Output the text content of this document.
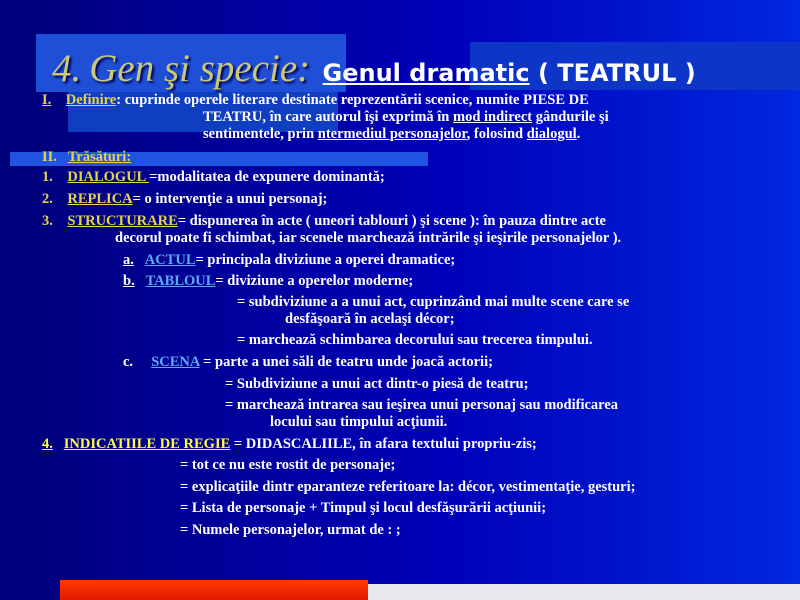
4. Gen şi specie: Genul dramatic ( TEATRUL )
I. Definire: cuprinde operele literare destinate reprezentării scenice, numite PIESE DE
TEATRU, în care autorul îşi exprimă în mod indirect gândurile şi
sentimentele, prin ntermediul personajelor, folosind dialogul.
II. Trăsături:
1. DIALOGUL =modalitatea de expunere dominantă;
2. REPLICA= o intervenţie a unui personaj;
3. STRUCTURARE= dispunerea în acte ( uneori tablouri ) şi scene ): în pauza dintre acte
decorul poate fi schimbat, iar scenele marchează intrările şi ieşirile personajelor ).
a. ACTUL= principala diviziune a operei dramatice;
b. TABLOUL= diviziune a operelor moderne;
= subdiviziune a a unui act, cuprinzând mai multe scene care se
desfăşoară în acelaşi décor;
= marchează schimbarea decorului sau trecerea timpului.
c. SCENA = parte a unei săli de teatru unde joacă actorii;
= Subdiviziune a unui act dintr-o piesă de teatru;
= marchează intrarea sau ieşirea unui personaj sau modificarea
locului sau timpului acţiunii.
4. INDICATIILE DE REGIE = DIDASCALIILE, în afara textului propriu-zis;
= tot ce nu este rostit de personaje;
= explicaţiile dintr eparanteze referitoare la: décor, vestimentaţie, gesturi;
= Lista de personaje + Timpul şi locul desfăşurării acţiunii;
= Numele personajelor, urmat de : ;
